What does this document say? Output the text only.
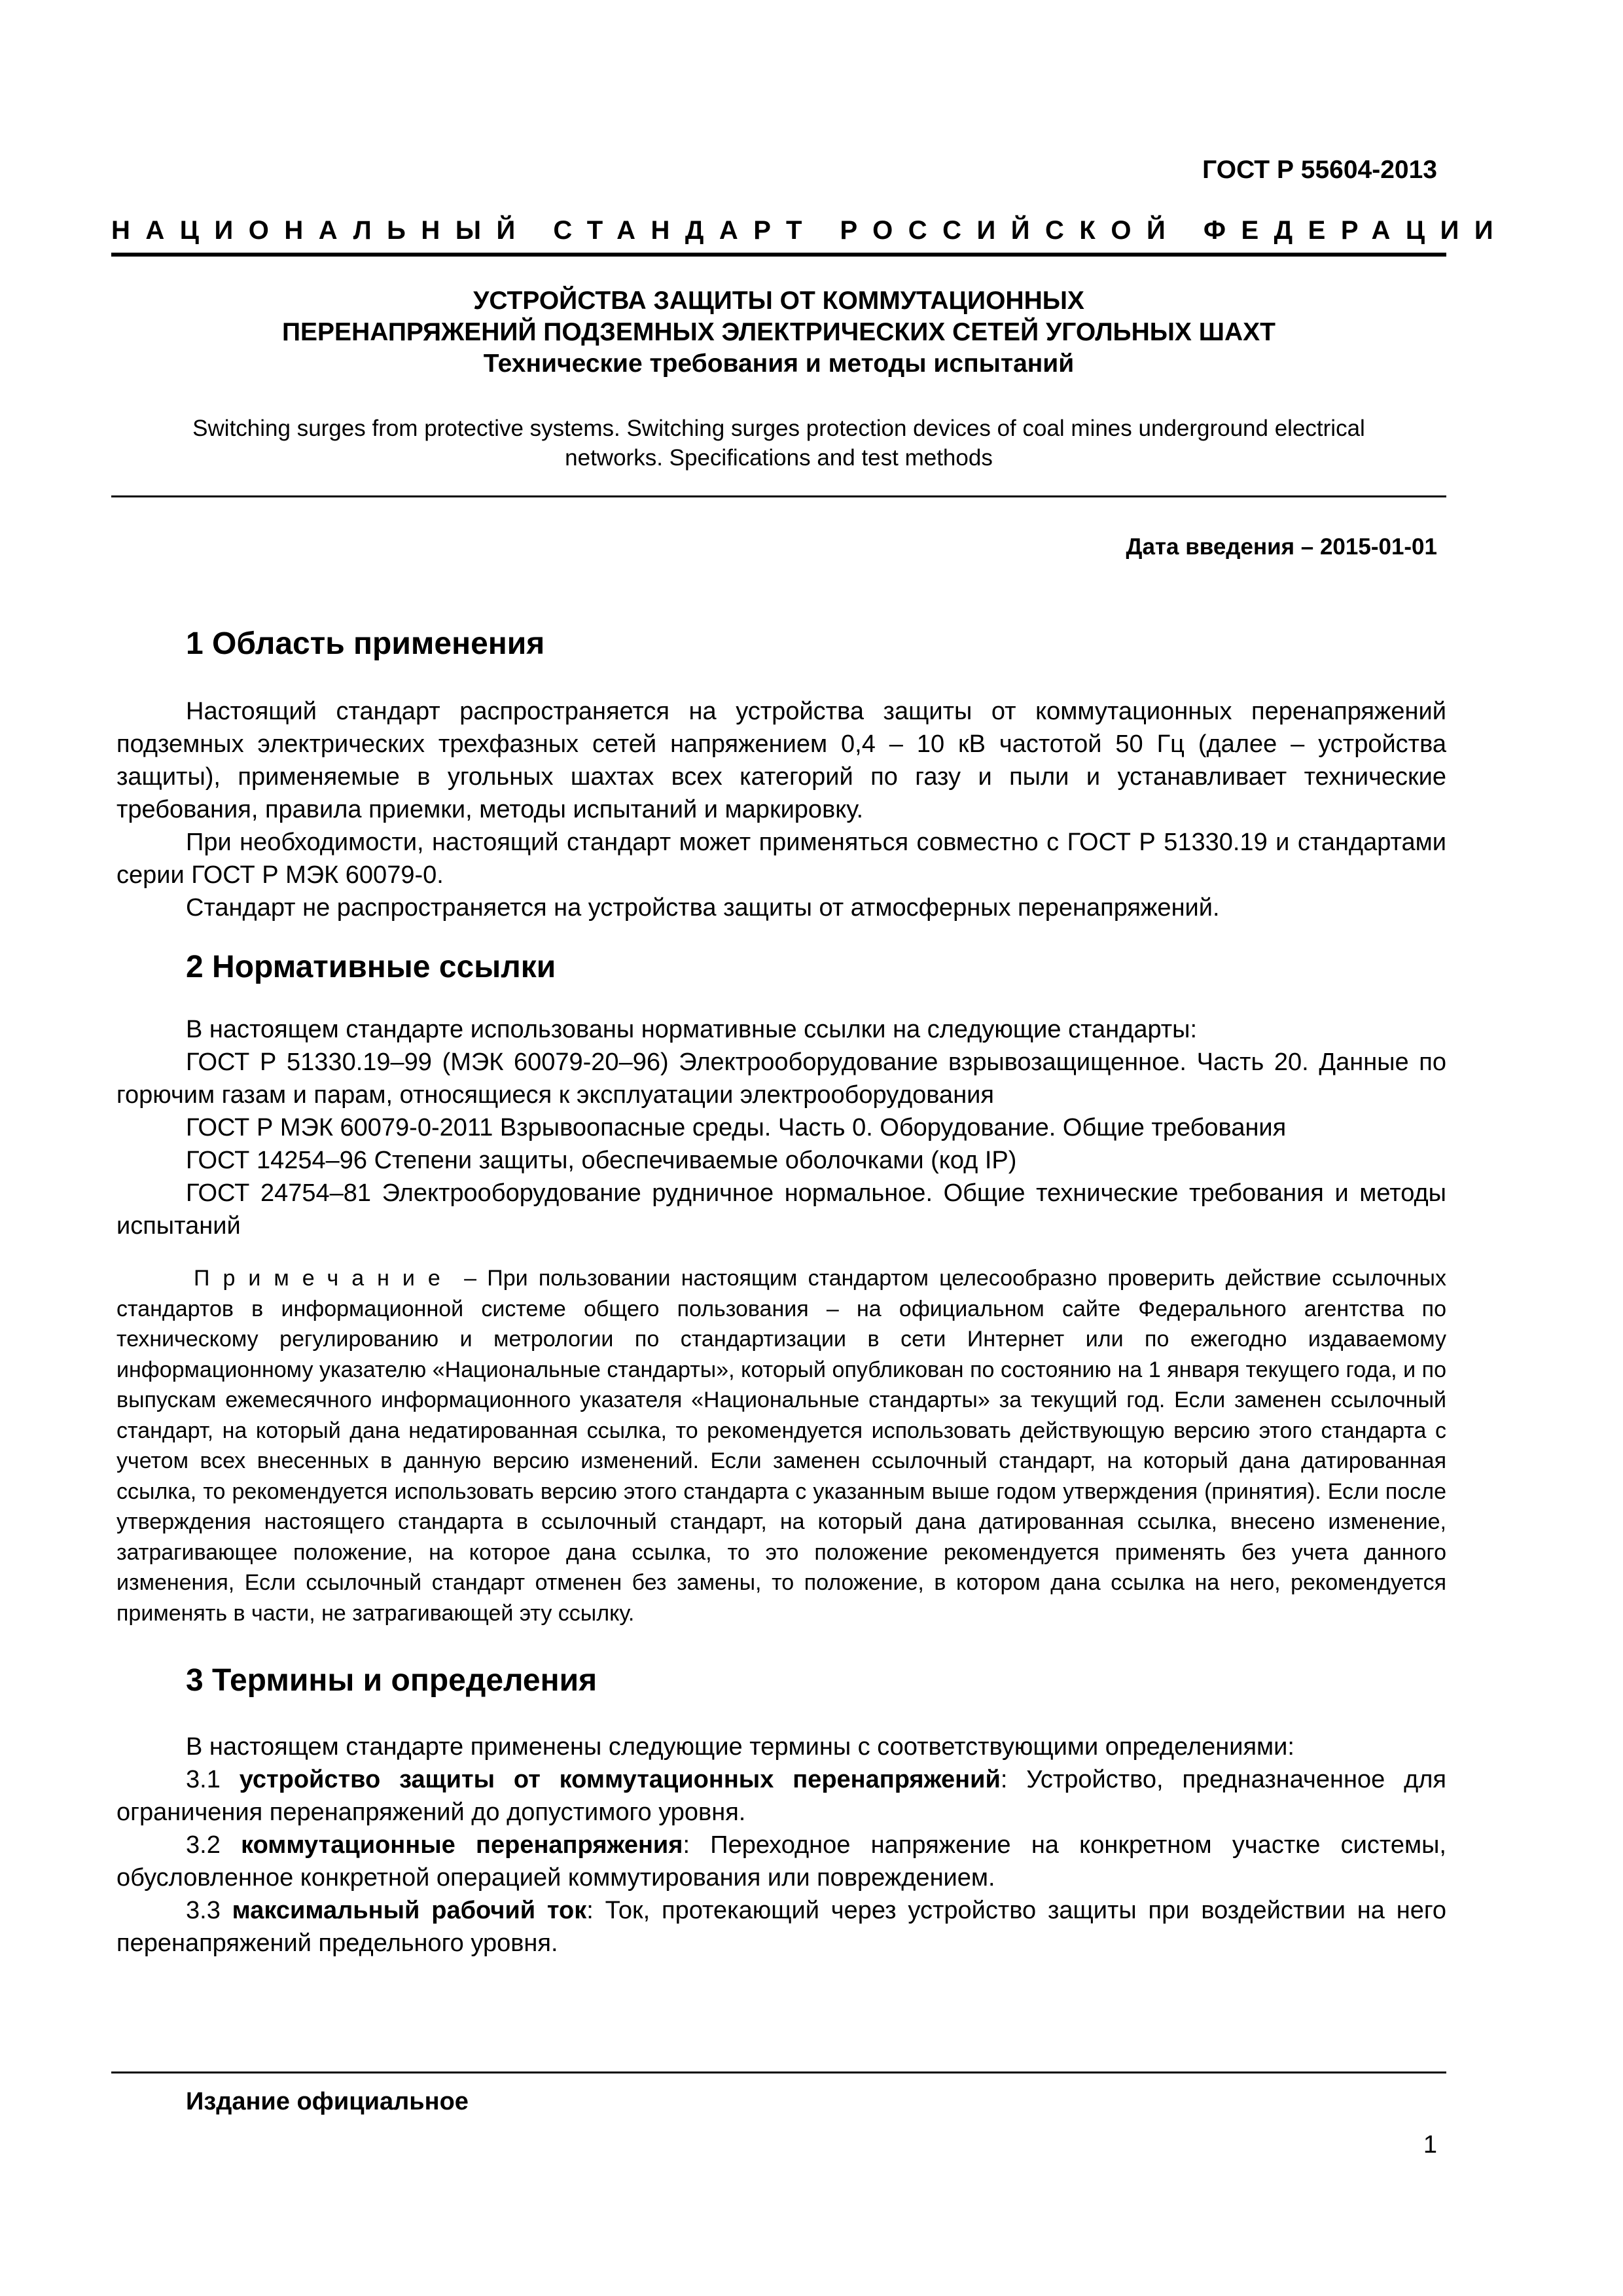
ГОСТ Р 55604-2013
НАЦИОНАЛЬНЫЙ СТАНДАРТ РОССИЙСКОЙ ФЕДЕРАЦИИ
УСТРОЙСТВА ЗАЩИТЫ ОТ КОММУТАЦИОННЫХ
ПЕРЕНАПРЯЖЕНИЙ ПОДЗЕМНЫХ ЭЛЕКТРИЧЕСКИХ СЕТЕЙ УГОЛЬНЫХ ШАХТ
Технические требования и методы испытаний
Switching surges from protective systems. Switching surges protection devices of coal mines underground electrical
networks. Specifications and test methods
Дата введения – 2015-01-01
1 Область применения

Настоящий стандарт распространяется на устройства защиты от коммутационных перенапряжений подземных электрических трехфазных сетей напряжением 0,4 – 10 кВ частотой 50 Гц (далее – устройства защиты), применяемые в угольных шахтах всех категорий по газу и пыли и устанавливает технические требования, правила приемки, методы испытаний и маркировку.

При необходимости, настоящий стандарт может применяться совместно с ГОСТ Р 51330.19 и стандартами серии ГОСТ Р МЭК 60079-0.

Стандарт не распространяется на устройства защиты от атмосферных перенапряжений.

2 Нормативные ссылки

В настоящем стандарте использованы нормативные ссылки на следующие стандарты:

ГОСТ Р 51330.19–99 (МЭК 60079-20–96) Электрооборудование взрывозащищенное. Часть 20. Данные по горючим газам и парам, относящиеся к эксплуатации электрооборудования

ГОСТ Р МЭК 60079-0-2011 Взрывоопасные среды. Часть 0. Оборудование. Общие требования

ГОСТ 14254–96 Степени защиты, обеспечиваемые оболочками (код IP)

ГОСТ 24754–81 Электрооборудование рудничное нормальное. Общие технические требования и методы испытаний

Примечание – При пользовании настоящим стандартом целесообразно проверить действие ссылочных стандартов в информационной системе общего пользования – на официальном сайте Федерального агентства по техническому регулированию и метрологии по стандартизации в сети Интернет или по ежегодно издаваемому информационному указателю «Национальные стандарты», который опубликован по состоянию на 1 января текущего года, и по выпускам ежемесячного информационного указателя «Национальные стандарты» за текущий год. Если заменен ссылочный стандарт, на который дана недатированная ссылка, то рекомендуется использовать действующую версию этого стандарта с учетом всех внесенных в данную версию изменений. Если заменен ссылочный стандарт, на который дана датированная ссылка, то рекомендуется использовать версию этого стандарта с указанным выше годом утверждения (принятия). Если после утверждения настоящего стандарта в ссылочный стандарт, на который дана датированная ссылка, внесено изменение, затрагивающее положение, на которое дана ссылка, то это положение рекомендуется применять без учета данного изменения, Если ссылочный стандарт отменен без замены, то положение, в котором дана ссылка на него, рекомендуется применять в части, не затрагивающей эту ссылку.

3 Термины и определения

В настоящем стандарте применены следующие термины с соответствующими определениями:

3.1 устройство защиты от коммутационных перенапряжений: Устройство, предназначенное для ограничения перенапряжений до допустимого уровня.

3.2 коммутационные перенапряжения: Переходное напряжение на конкретном участке системы, обусловленное конкретной операцией коммутирования или повреждением.

3.3 максимальный рабочий ток: Ток, протекающий через устройство защиты при воздействии на него перенапряжений предельного уровня.

Издание официальное
1
